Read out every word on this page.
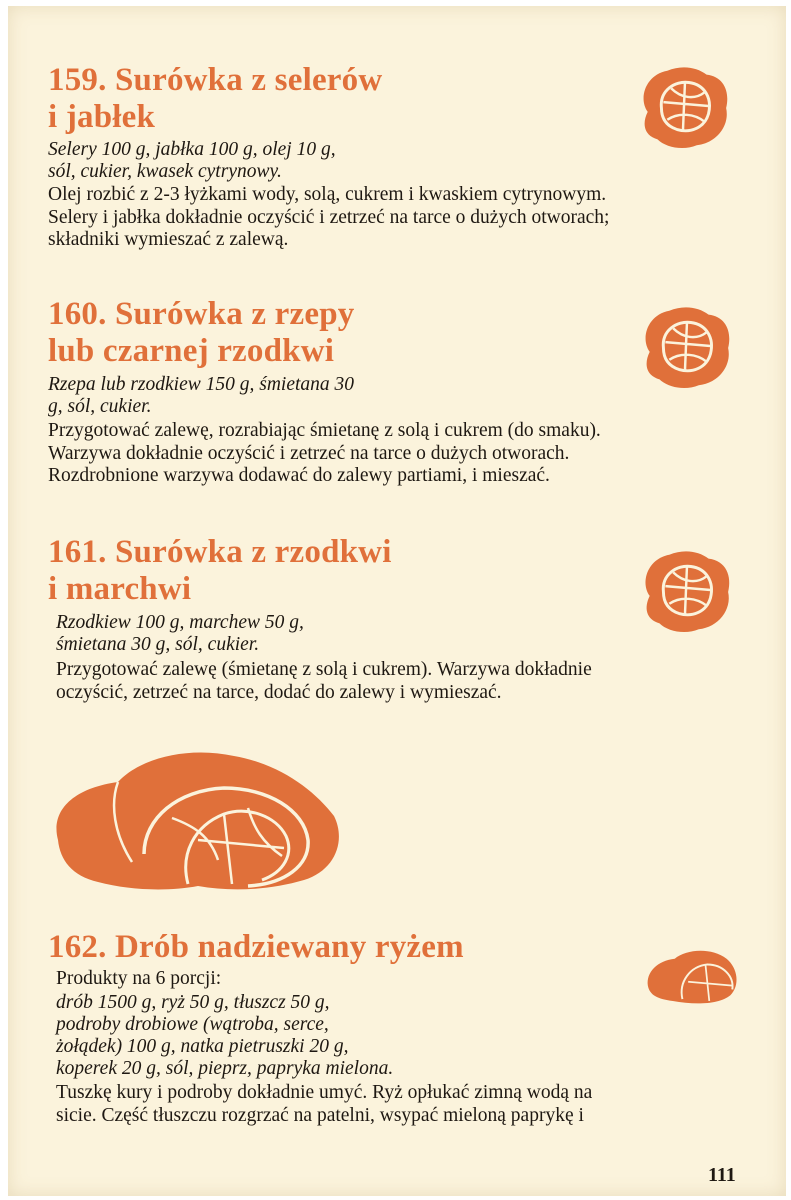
159. Surówka z selerów
i jabłek

Selery 100 g, jabłka 100 g, olej 10 g,
sól, cukier, kwasek cytrynowy.

Olej rozbić z 2-3 łyżkami wody, solą, cukrem i kwaskiem cytrynowym.
Selery i jabłka dokładnie oczyścić i zetrzeć na tarce o dużych otworach;
składniki wymieszać z zalewą.

160. Surówka z rzepy
lub czarnej rzodkwi

Rzepa lub rzodkiew 150 g, śmietana 30
g, sól, cukier.

Przygotować zalewę, rozrabiając śmietanę z solą i cukrem (do smaku).
Warzywa dokładnie oczyścić i zetrzeć na tarce o dużych otworach.
Rozdrobnione warzywa dodawać do zalewy partiami, i mieszać.

161. Surówka z rzodkwi
i marchwi

Rzodkiew 100 g, marchew 50 g,
śmietana 30 g, sól, cukier.

Przygotować zalewę (śmietanę z solą i cukrem). Warzywa dokładnie
oczyścić, zetrzeć na tarce, dodać do zalewy i wymieszać.

162. Drób nadziewany ryżem

Produkty na 6 porcji:

drób 1500 g, ryż 50 g, tłuszcz 50 g,
podroby drobiowe (wątroba, serce,
żołądek) 100 g, natka pietruszki 20 g,
koperek 20 g, sól, pieprz, papryka mielona.

Tuszkę kury i podroby dokładnie umyć. Ryż opłukać zimną wodą na
sicie. Część tłuszczu rozgrzać na patelni, wsypać mieloną paprykę i

111
